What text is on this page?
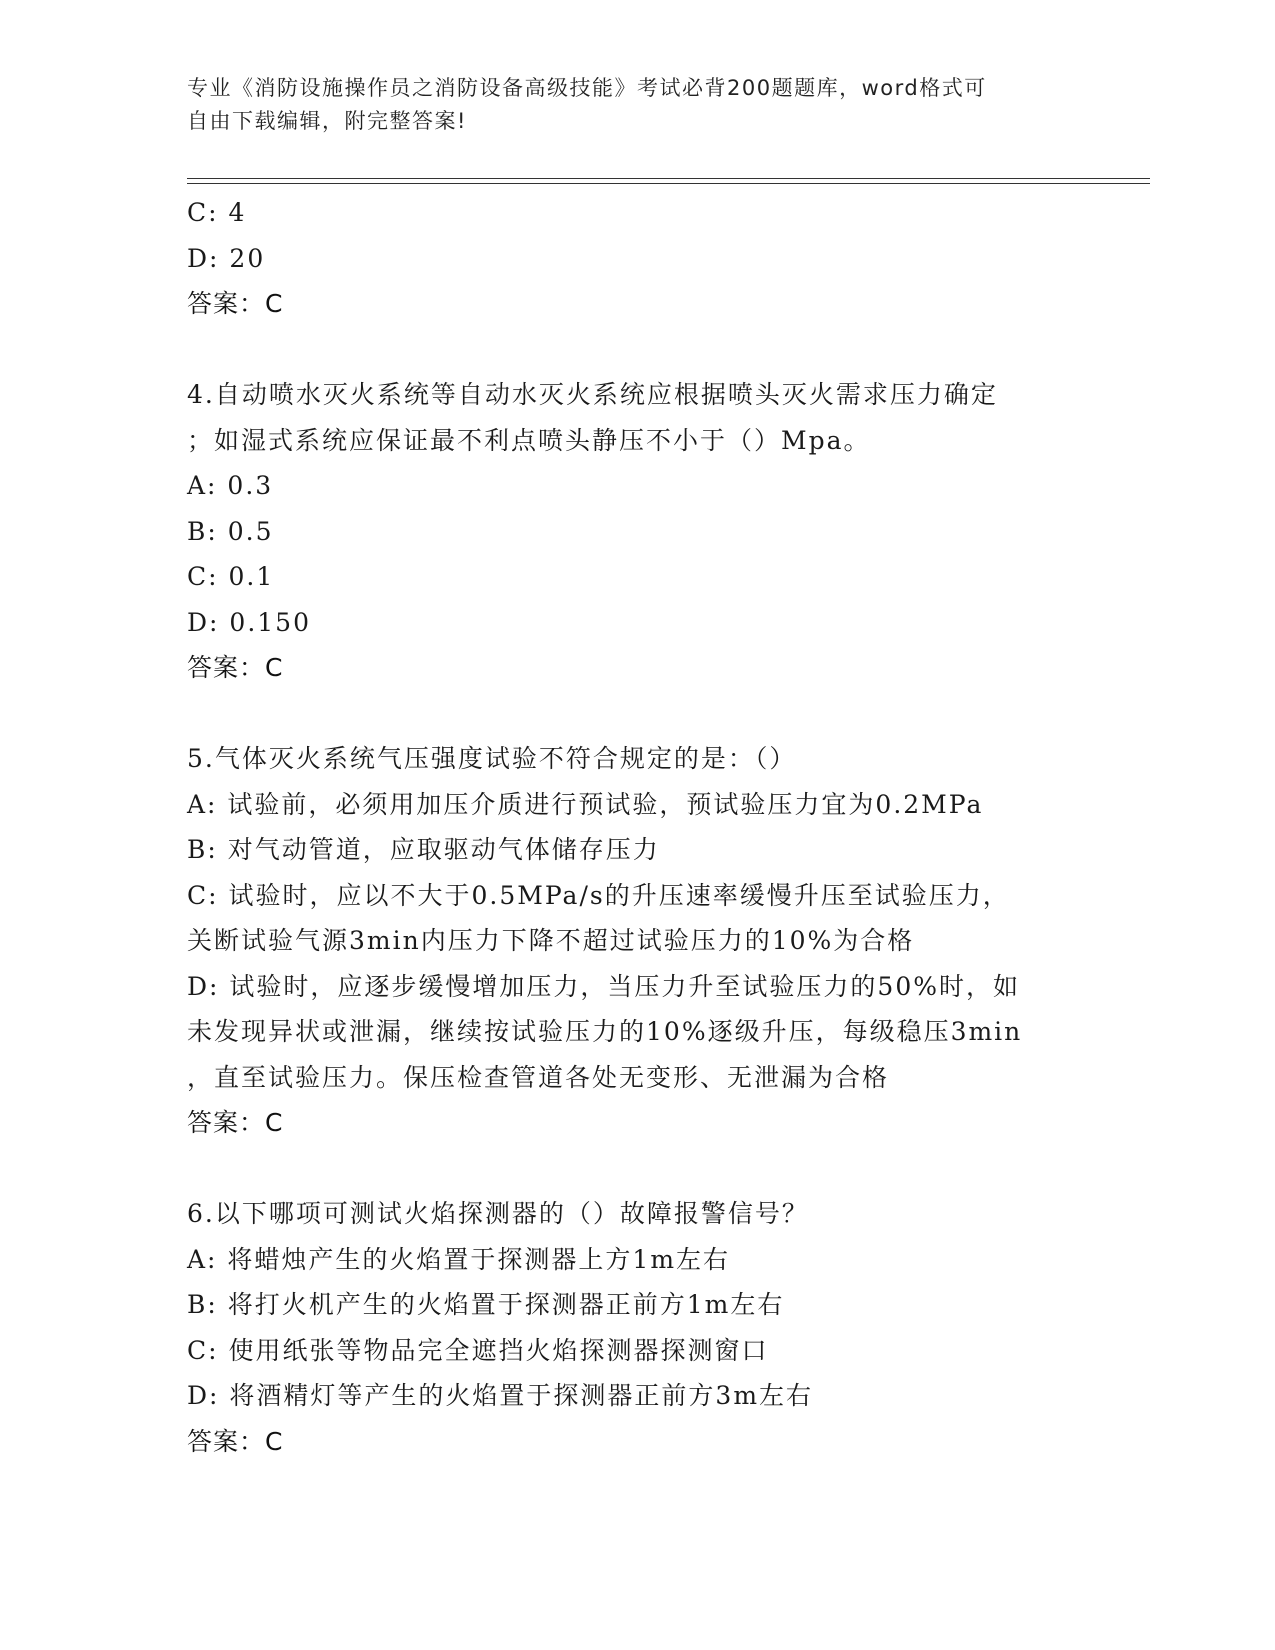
专业《消防设施操作员之消防设备高级技能》考试必背200题题库，word格式可
自由下载编辑，附完整答案!
C: 4
D: 20
答案：C
4.自动喷水灭火系统等自动水灭火系统应根据喷头灭火需求压力确定
；如湿式系统应保证最不利点喷头静压不小于（）Mpa。
A: 0.3
B: 0.5
C: 0.1
D: 0.150
答案：C
5.气体灭火系统气压强度试验不符合规定的是：（）
A: 试验前，必须用加压介质进行预试验，预试验压力宜为0.2MPa
B: 对气动管道，应取驱动气体储存压力
C: 试验时，应以不大于0.5MPa/s的升压速率缓慢升压至试验压力，
关断试验气源3min内压力下降不超过试验压力的10%为合格
D: 试验时，应逐步缓慢增加压力，当压力升至试验压力的50%时，如
未发现异状或泄漏，继续按试验压力的10%逐级升压，每级稳压3min
，直至试验压力。保压检查管道各处无变形、无泄漏为合格
答案：C
6.以下哪项可测试火焰探测器的（）故障报警信号？
A: 将蜡烛产生的火焰置于探测器上方1m左右
B: 将打火机产生的火焰置于探测器正前方1m左右
C: 使用纸张等物品完全遮挡火焰探测器探测窗口
D: 将酒精灯等产生的火焰置于探测器正前方3m左右
答案：C
